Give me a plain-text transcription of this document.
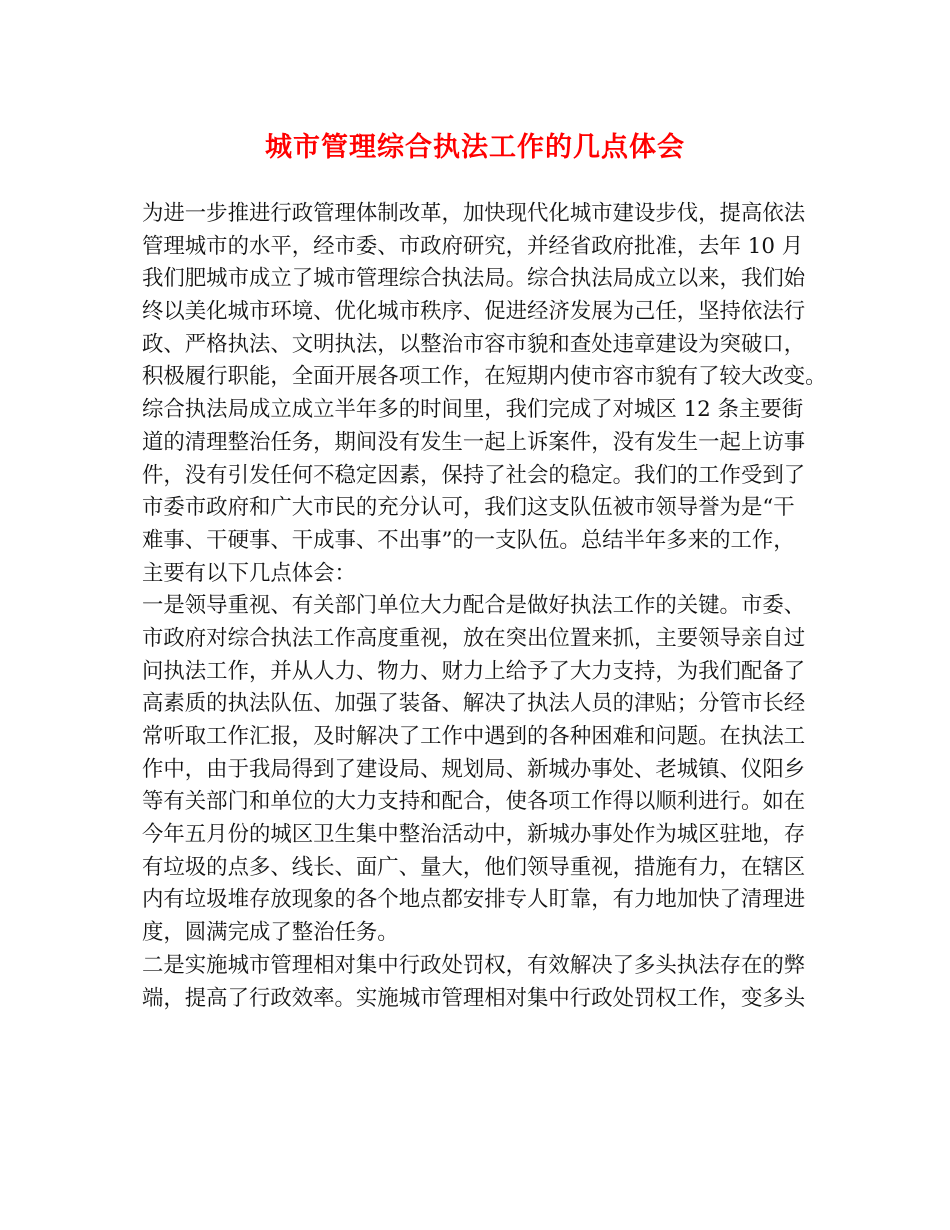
城市管理综合执法工作的几点体会
为进一步推进行政管理体制改革，加快现代化城市建设步伐，提高依法
管理城市的水平，经市委、市政府研究，并经省政府批准，去年 10 月
我们肥城市成立了城市管理综合执法局。综合执法局成立以来，我们始
终以美化城市环境、优化城市秩序、促进经济发展为己任，坚持依法行
政、严格执法、文明执法，以整治市容市貌和查处违章建设为突破口，
积极履行职能，全面开展各项工作，在短期内使市容市貌有了较大改变。
综合执法局成立成立半年多的时间里，我们完成了对城区 12 条主要街
道的清理整治任务，期间没有发生一起上诉案件，没有发生一起上访事
件，没有引发任何不稳定因素，保持了社会的稳定。我们的工作受到了
市委市政府和广大市民的充分认可，我们这支队伍被市领导誉为是“干
难事、干硬事、干成事、不出事”的一支队伍。总结半年多来的工作，
主要有以下几点体会：
一是领导重视、有关部门单位大力配合是做好执法工作的关键。市委、
市政府对综合执法工作高度重视，放在突出位置来抓，主要领导亲自过
问执法工作，并从人力、物力、财力上给予了大力支持，为我们配备了
高素质的执法队伍、加强了装备、解决了执法人员的津贴；分管市长经
常听取工作汇报，及时解决了工作中遇到的各种困难和问题。在执法工
作中，由于我局得到了建设局、规划局、新城办事处、老城镇、仪阳乡
等有关部门和单位的大力支持和配合，使各项工作得以顺利进行。如在
今年五月份的城区卫生集中整治活动中，新城办事处作为城区驻地，存
有垃圾的点多、线长、面广、量大，他们领导重视，措施有力，在辖区
内有垃圾堆存放现象的各个地点都安排专人盯靠，有力地加快了清理进
度，圆满完成了整治任务。
二是实施城市管理相对集中行政处罚权，有效解决了多头执法存在的弊
端，提高了行政效率。实施城市管理相对集中行政处罚权工作，变多头
